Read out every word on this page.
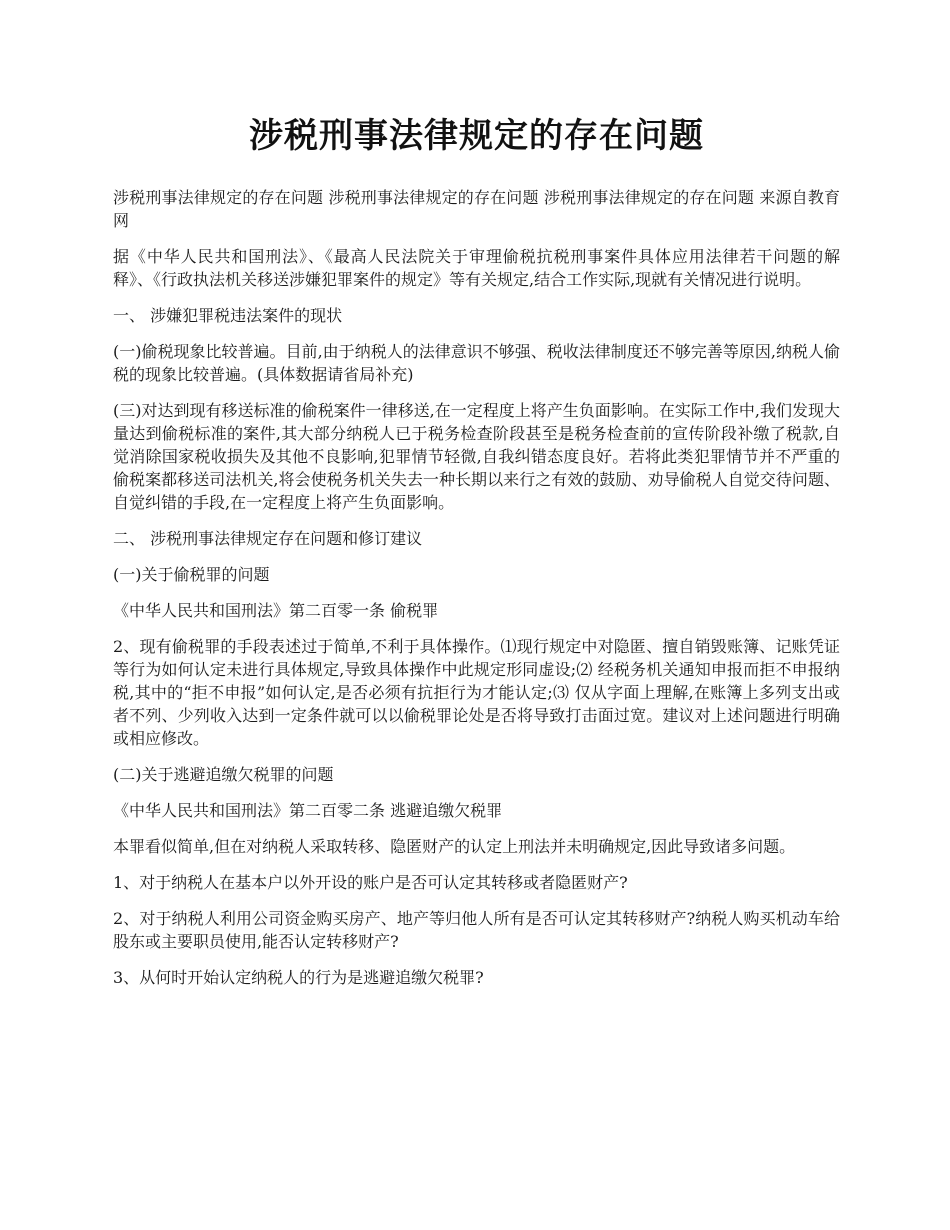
涉税刑事法律规定的存在问题

涉税刑事法律规定的存在问题 涉税刑事法律规定的存在问题 涉税刑事法律规定的存在问题 来源自教育网

据《中华人民共和国刑法》、《最高人民法院关于审理偷税抗税刑事案件具体应用法律若干问题的解释》、《行政执法机关移送涉嫌犯罪案件的规定》等有关规定,结合工作实际,现就有关情况进行说明。

一、 涉嫌犯罪税违法案件的现状

(一)偷税现象比较普遍。目前,由于纳税人的法律意识不够强、税收法律制度还不够完善等原因,纳税人偷税的现象比较普遍。(具体数据请省局补充)

(三)对达到现有移送标准的偷税案件一律移送,在一定程度上将产生负面影响。在实际工作中,我们发现大量达到偷税标准的案件,其大部分纳税人已于税务检查阶段甚至是税务检查前的宣传阶段补缴了税款,自觉消除国家税收损失及其他不良影响,犯罪情节轻微,自我纠错态度良好。若将此类犯罪情节并不严重的偷税案都移送司法机关,将会使税务机关失去一种长期以来行之有效的鼓励、劝导偷税人自觉交待问题、自觉纠错的手段,在一定程度上将产生负面影响。

二、 涉税刑事法律规定存在问题和修订建议

(一)关于偷税罪的问题

《中华人民共和国刑法》第二百零一条 偷税罪

2、现有偷税罪的手段表述过于简单,不利于具体操作。⑴现行规定中对隐匿、擅自销毁账簿、记账凭证等行为如何认定未进行具体规定,导致具体操作中此规定形同虚设;⑵ 经税务机关通知申报而拒不申报纳税,其中的“拒不申报”如何认定,是否必须有抗拒行为才能认定;⑶ 仅从字面上理解,在账簿上多列支出或者不列、少列收入达到一定条件就可以以偷税罪论处是否将导致打击面过宽。建议对上述问题进行明确或相应修改。

(二)关于逃避追缴欠税罪的问题

《中华人民共和国刑法》第二百零二条 逃避追缴欠税罪

本罪看似简单,但在对纳税人采取转移、隐匿财产的认定上刑法并未明确规定,因此导致诸多问题。

1、对于纳税人在基本户以外开设的账户是否可认定其转移或者隐匿财产?

2、对于纳税人利用公司资金购买房产、地产等归他人所有是否可认定其转移财产?纳税人购买机动车给股东或主要职员使用,能否认定转移财产?

3、从何时开始认定纳税人的行为是逃避追缴欠税罪?
